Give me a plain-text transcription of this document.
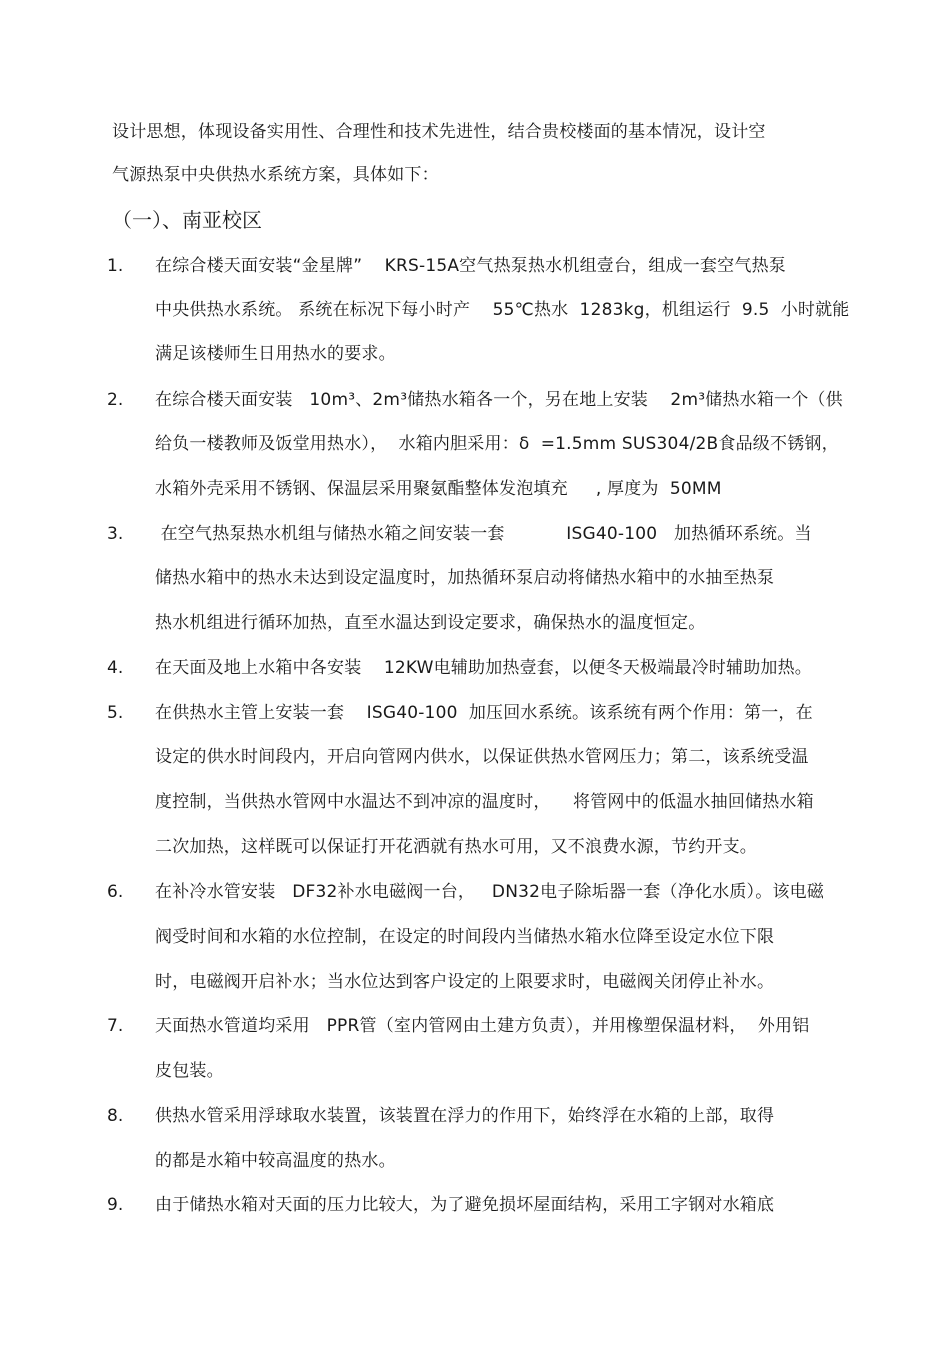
设计思想，体现设备实用性、合理性和技术先进性，结合贵校楼面的基本情况，设计空
气源热泵中央供热水系统方案，具体如下：
（一）、南亚校区
1. 在综合楼天面安装“金星牌”    KRS-15A空气热泵热水机组壹台，组成一套空气热泵
中央供热水系统。 系统在标况下每小时产    55℃热水  1283kg，机组运行  9.5  小时就能
满足该楼师生日用热水的要求。
2. 在综合楼天面安装   10m³、2m³储热水箱各一个，另在地上安装    2m³储热水箱一个（供
给负一楼教师及饭堂用热水），  水箱内胆采用：δ  =1.5mm SUS304/2B食品级不锈钢，
水箱外壳采用不锈钢、保温层采用聚氨酯整体发泡填充     , 厚度为  50MM
3. 在空气热泵热水机组与储热水箱之间安装一套           ISG40-100   加热循环系统。当
储热水箱中的热水未达到设定温度时，加热循环泵启动将储热水箱中的水抽至热泵
热水机组进行循环加热，直至水温达到设定要求，确保热水的温度恒定。
4. 在天面及地上水箱中各安装    12KW电辅助加热壹套，以便冬天极端最冷时辅助加热。
5. 在供热水主管上安装一套    ISG40-100  加压回水系统。该系统有两个作用：第一，在
设定的供水时间段内，开启向管网内供水，以保证供热水管网压力；第二，该系统受温
度控制，当供热水管网中水温达不到冲凉的温度时，    将管网中的低温水抽回储热水箱
二次加热，这样既可以保证打开花洒就有热水可用，又不浪费水源，节约开支。
6. 在补冷水管安装   DF32补水电磁阀一台，   DN32电子除垢器一套（净化水质）。该电磁
阀受时间和水箱的水位控制，在设定的时间段内当储热水箱水位降至设定水位下限
时，电磁阀开启补水；当水位达到客户设定的上限要求时，电磁阀关闭停止补水。
7. 天面热水管道均采用   PPR管（室内管网由土建方负责），并用橡塑保温材料，  外用铝
皮包装。
8. 供热水管采用浮球取水装置，该装置在浮力的作用下，始终浮在水箱的上部，取得
的都是水箱中较高温度的热水。
9. 由于储热水箱对天面的压力比较大，为了避免损坏屋面结构，采用工字钢对水箱底
